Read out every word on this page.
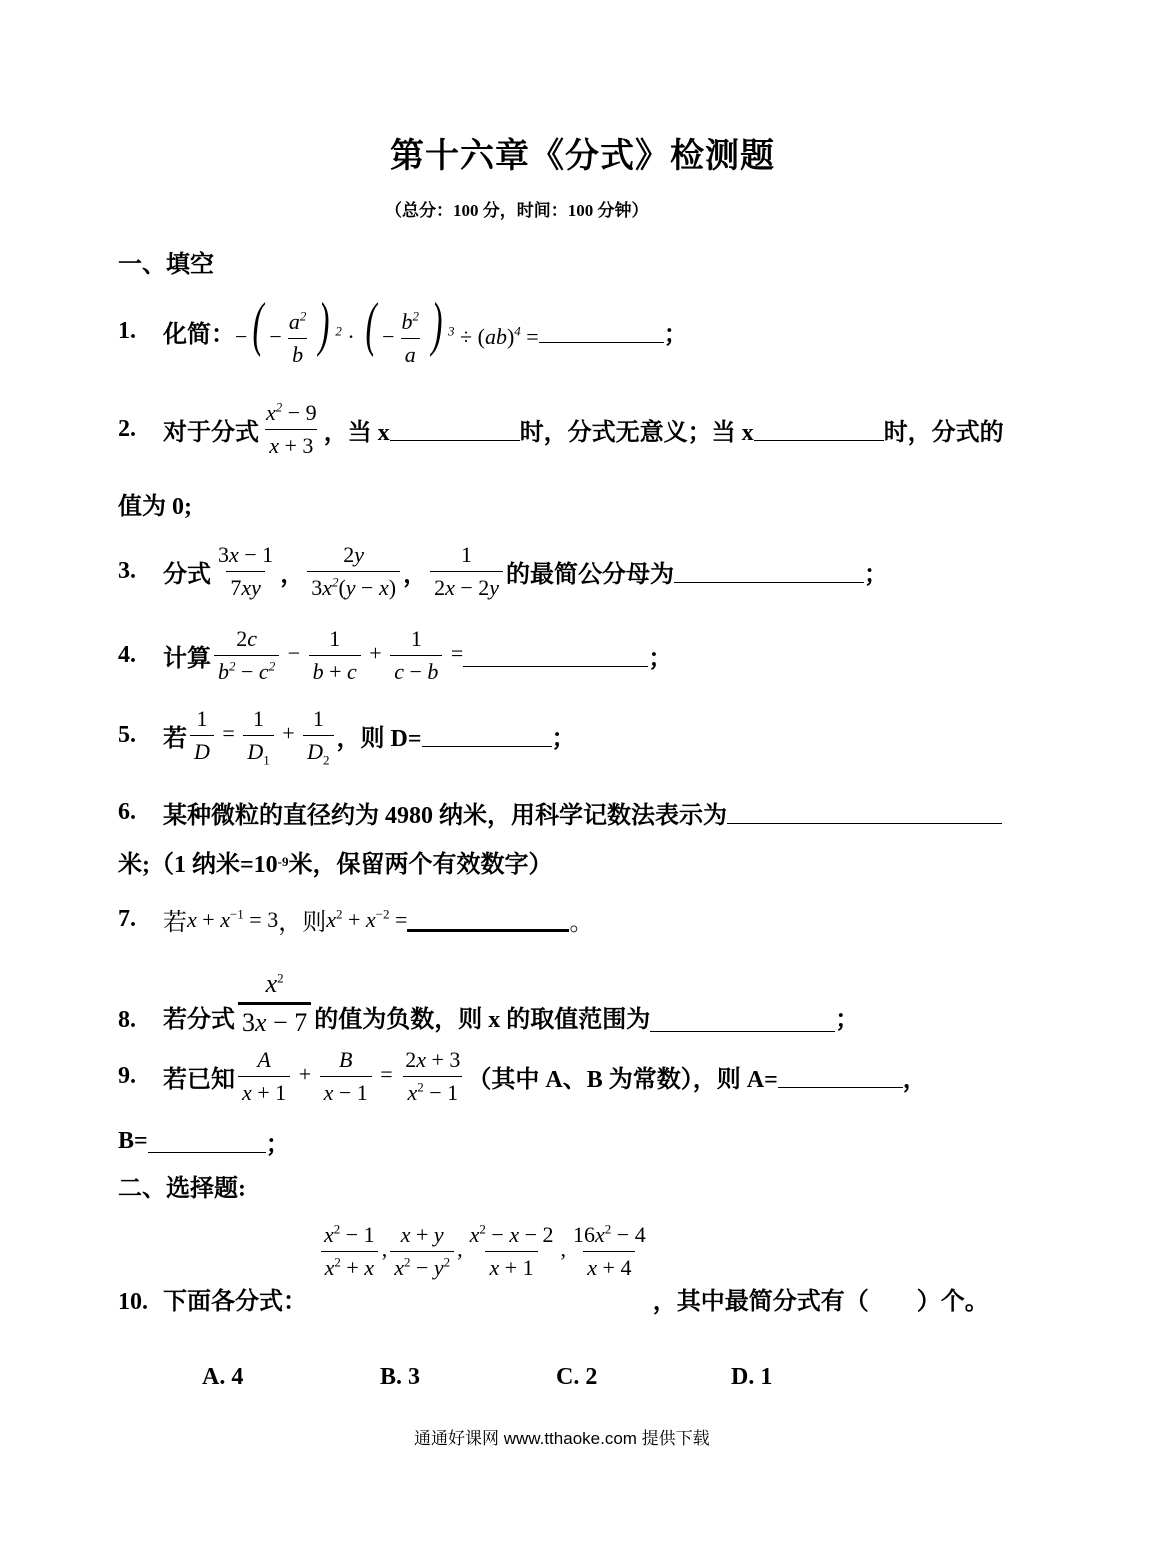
第十六章《分式》检测题
（总分：100 分，时间：100 分钟）
一、填空
1.	化简： −( − $\frac{a^2}{b}$ ) $^2$ · ( − $\frac{b^2}{a}$ ) $^3$ ÷ (ab)$^4$ =	；
2.	对于分式 $\frac{x^2 - 9}{x + 3}$ ，当 x	时，分式无意义；当 x	时，分式的
值为 0;
3.	分式 $\frac{3x - 1}{7xy}$ ， $\frac{2y}{3x^2(y - x)}$ ， $\frac{1}{2x - 2y}$ 的最简公分母为	；
4.	计算 $\frac{2c}{b^2 - c^2} - \frac{1}{b + c} + \frac{1}{c - b}$ =	；
5.	若 $\frac{1}{D} = \frac{1}{D_1} + \frac{1}{D_2}$ ，则 D=	；
6.	某种微粒的直径约为 4980 纳米，用科学记数法表示为
米;（1 纳米=10 -9 米，保留两个有效数字）
7.	若 $x + x^{-1} = 3$ ，则 $x^2 + x^{-2}$ =	。
8.	若分式 $\frac{x^2}{3x - 7}$ 的值为负数，则 x 的取值范围为	；
9.	若已知 $\frac{A}{x + 1} + \frac{B}{x - 1} = \frac{2x + 3}{x^2 - 1}$ （其中 A、B 为常数），则 A=	，
B=	；
二、选择题:
10. 下面各分式：
$\frac{x^2 - 1}{x^2 + x}$ , $\frac{x + y}{x^2 - y^2}$ , $\frac{x^2 - x - 2}{x + 1}$ , $\frac{16x^2 - 4}{x + 4}$
，其中最简分式有（　　）个。
A. 4	B. 3	C. 2	D. 1
通通好课网 www.tthaoke.com 提供下载
